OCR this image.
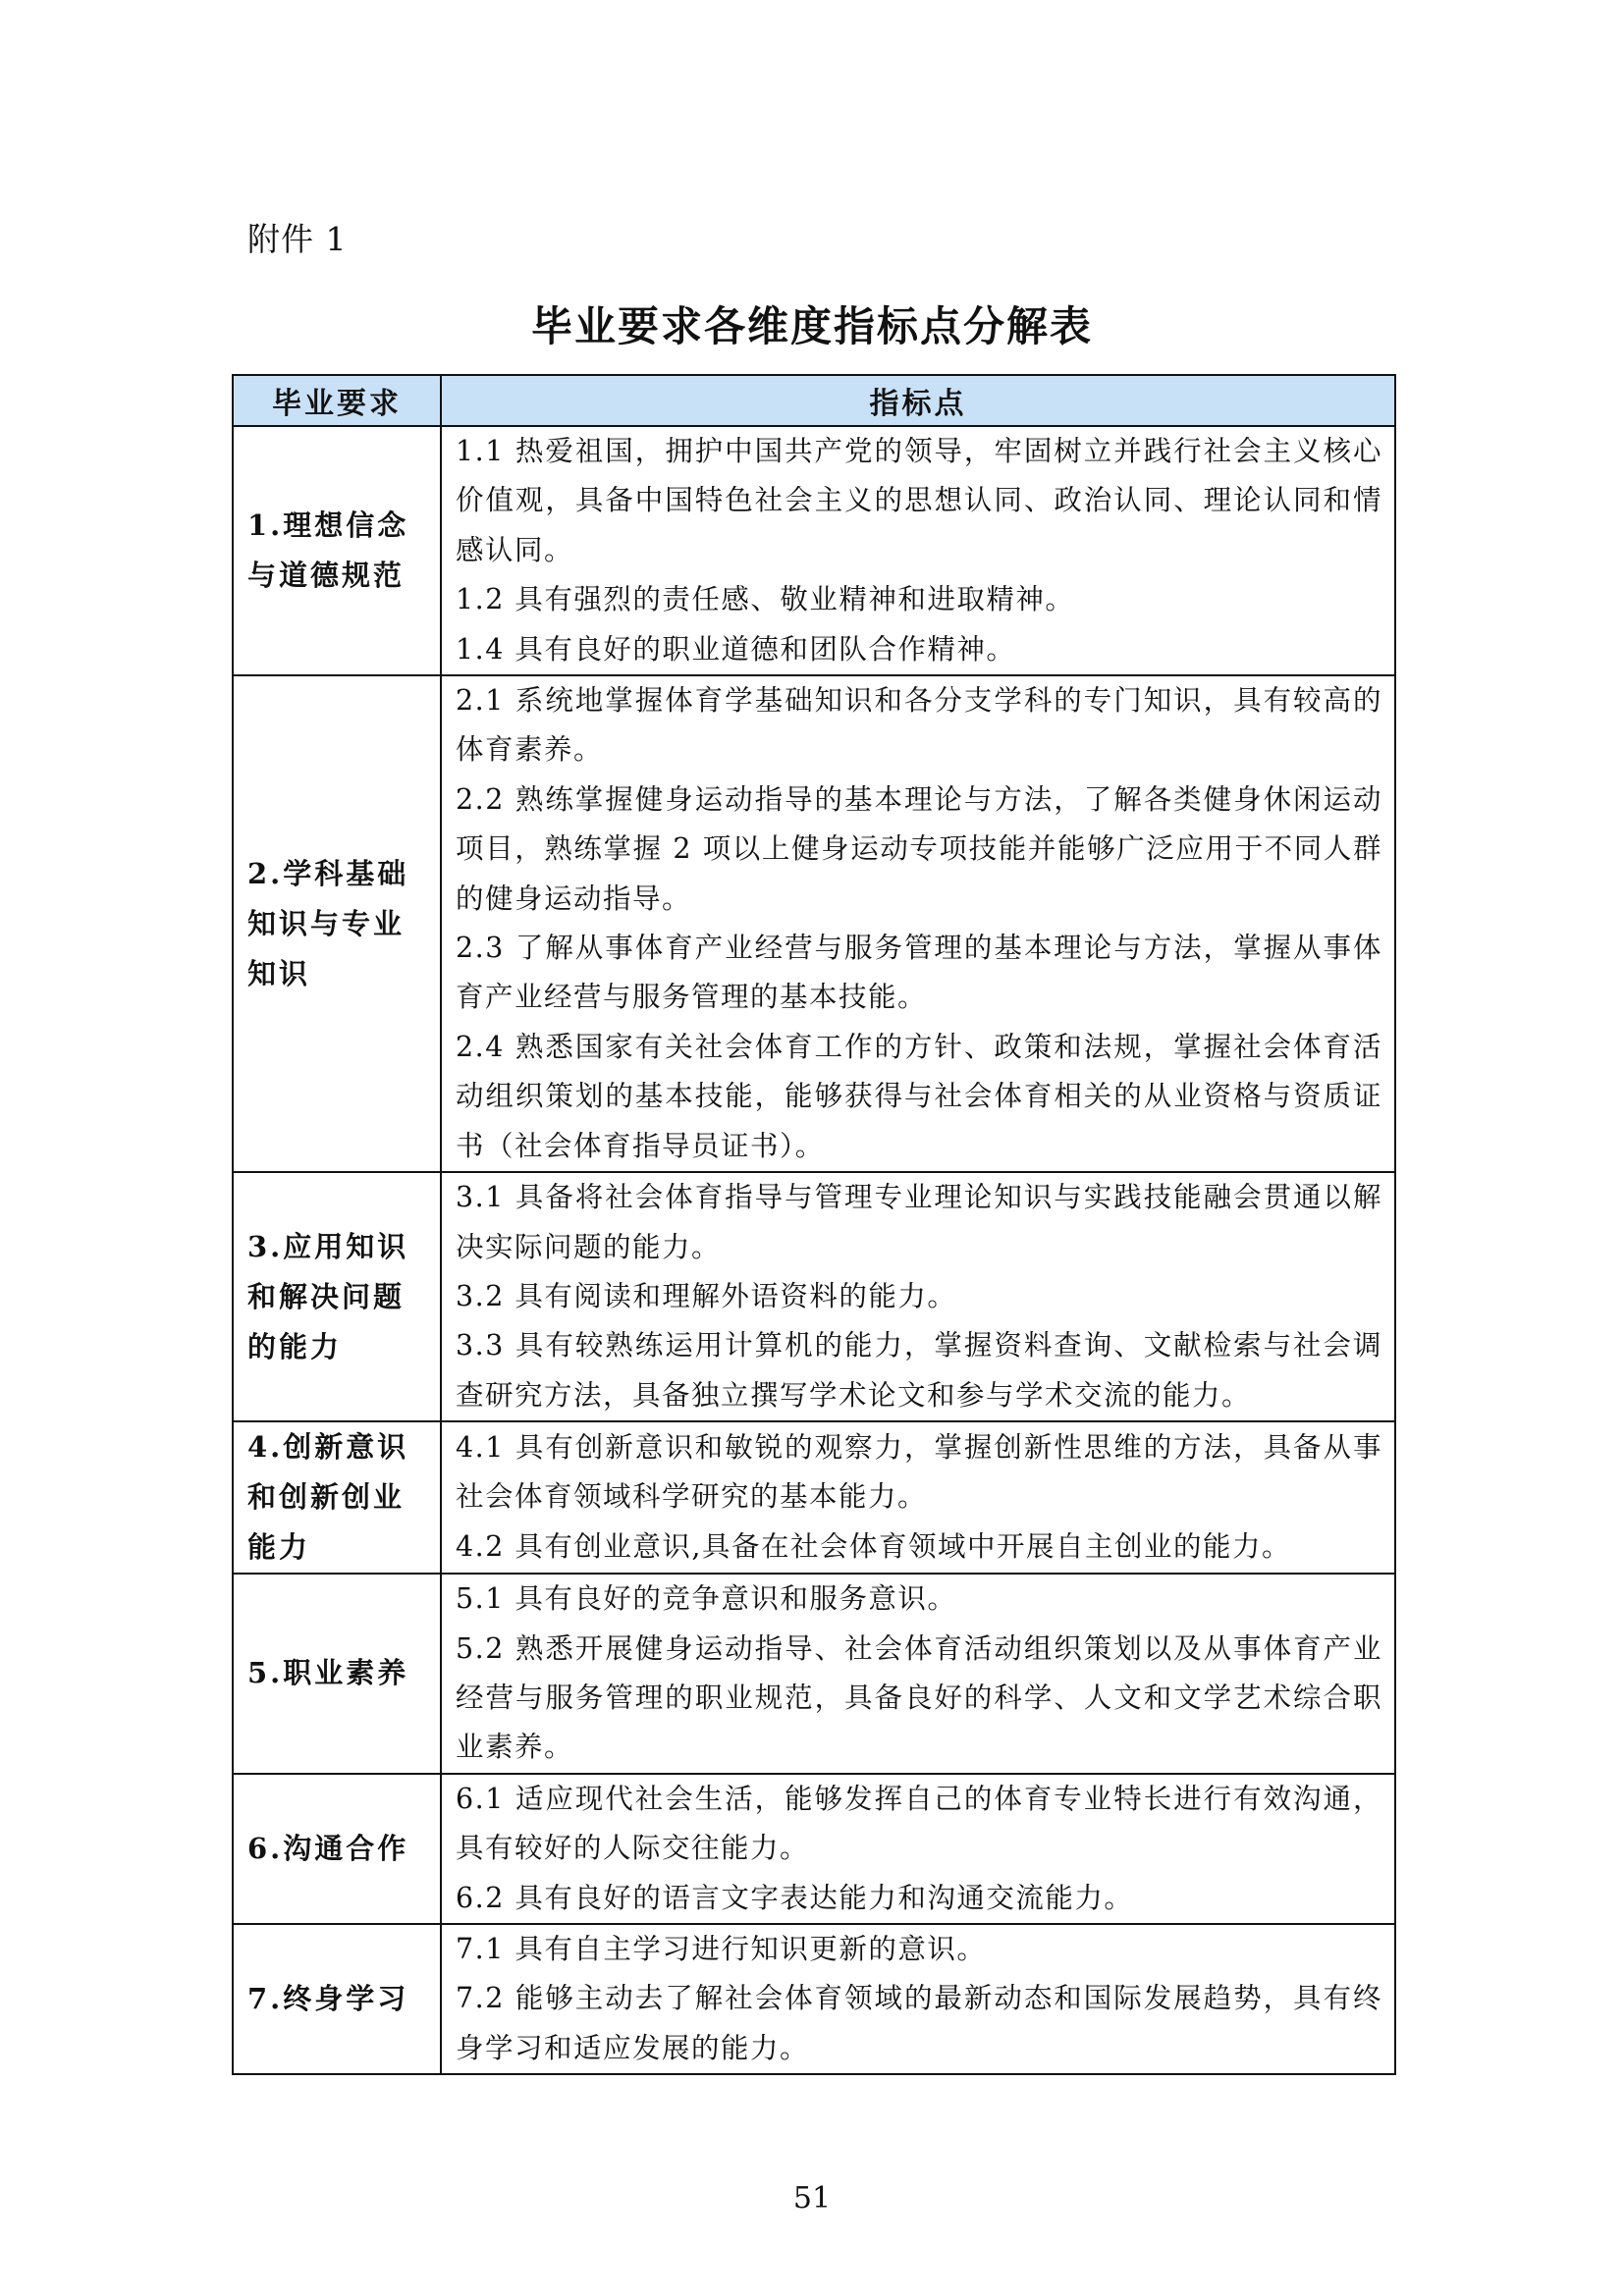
附件 1
毕业要求各维度指标点分解表
毕业要求	指标点
1.理想信念与道德规范	1.1 热爱祖国，拥护中国共产党的领导，牢固树立并践行社会主义核心价值观，具备中国特色社会主义的思想认同、政治认同、理论认同和情感认同。
1.2 具有强烈的责任感、敬业精神和进取精神。
1.4 具有良好的职业道德和团队合作精神。

2.学科基础知识与专业知识	2.1 系统地掌握体育学基础知识和各分支学科的专门知识，具有较高的体育素养。
2.2 熟练掌握健身运动指导的基本理论与方法，了解各类健身休闲运动项目，熟练掌握 2 项以上健身运动专项技能并能够广泛应用于不同人群的健身运动指导。
2.3 了解从事体育产业经营与服务管理的基本理论与方法，掌握从事体育产业经营与服务管理的基本技能。
2.4 熟悉国家有关社会体育工作的方针、政策和法规，掌握社会体育活动组织策划的基本技能，能够获得与社会体育相关的从业资格与资质证书（社会体育指导员证书）。

3.应用知识和解决问题的能力	3.1 具备将社会体育指导与管理专业理论知识与实践技能融会贯通以解决实际问题的能力。
3.2 具有阅读和理解外语资料的能力。
3.3 具有较熟练运用计算机的能力，掌握资料查询、文献检索与社会调查研究方法，具备独立撰写学术论文和参与学术交流的能力。

4.创新意识和创新创业能力	4.1 具有创新意识和敏锐的观察力，掌握创新性思维的方法，具备从事社会体育领域科学研究的基本能力。
4.2 具有创业意识,具备在社会体育领域中开展自主创业的能力。

5.职业素养	5.1 具有良好的竞争意识和服务意识。
5.2 熟悉开展健身运动指导、社会体育活动组织策划以及从事体育产业经营与服务管理的职业规范，具备良好的科学、人文和文学艺术综合职业素养。

6.沟通合作	6.1 适应现代社会生活，能够发挥自己的体育专业特长进行有效沟通，具有较好的人际交往能力。
6.2 具有良好的语言文字表达能力和沟通交流能力。

7.终身学习	7.1 具有自主学习进行知识更新的意识。
7.2 能够主动去了解社会体育领域的最新动态和国际发展趋势，具有终身学习和适应发展的能力。
51
